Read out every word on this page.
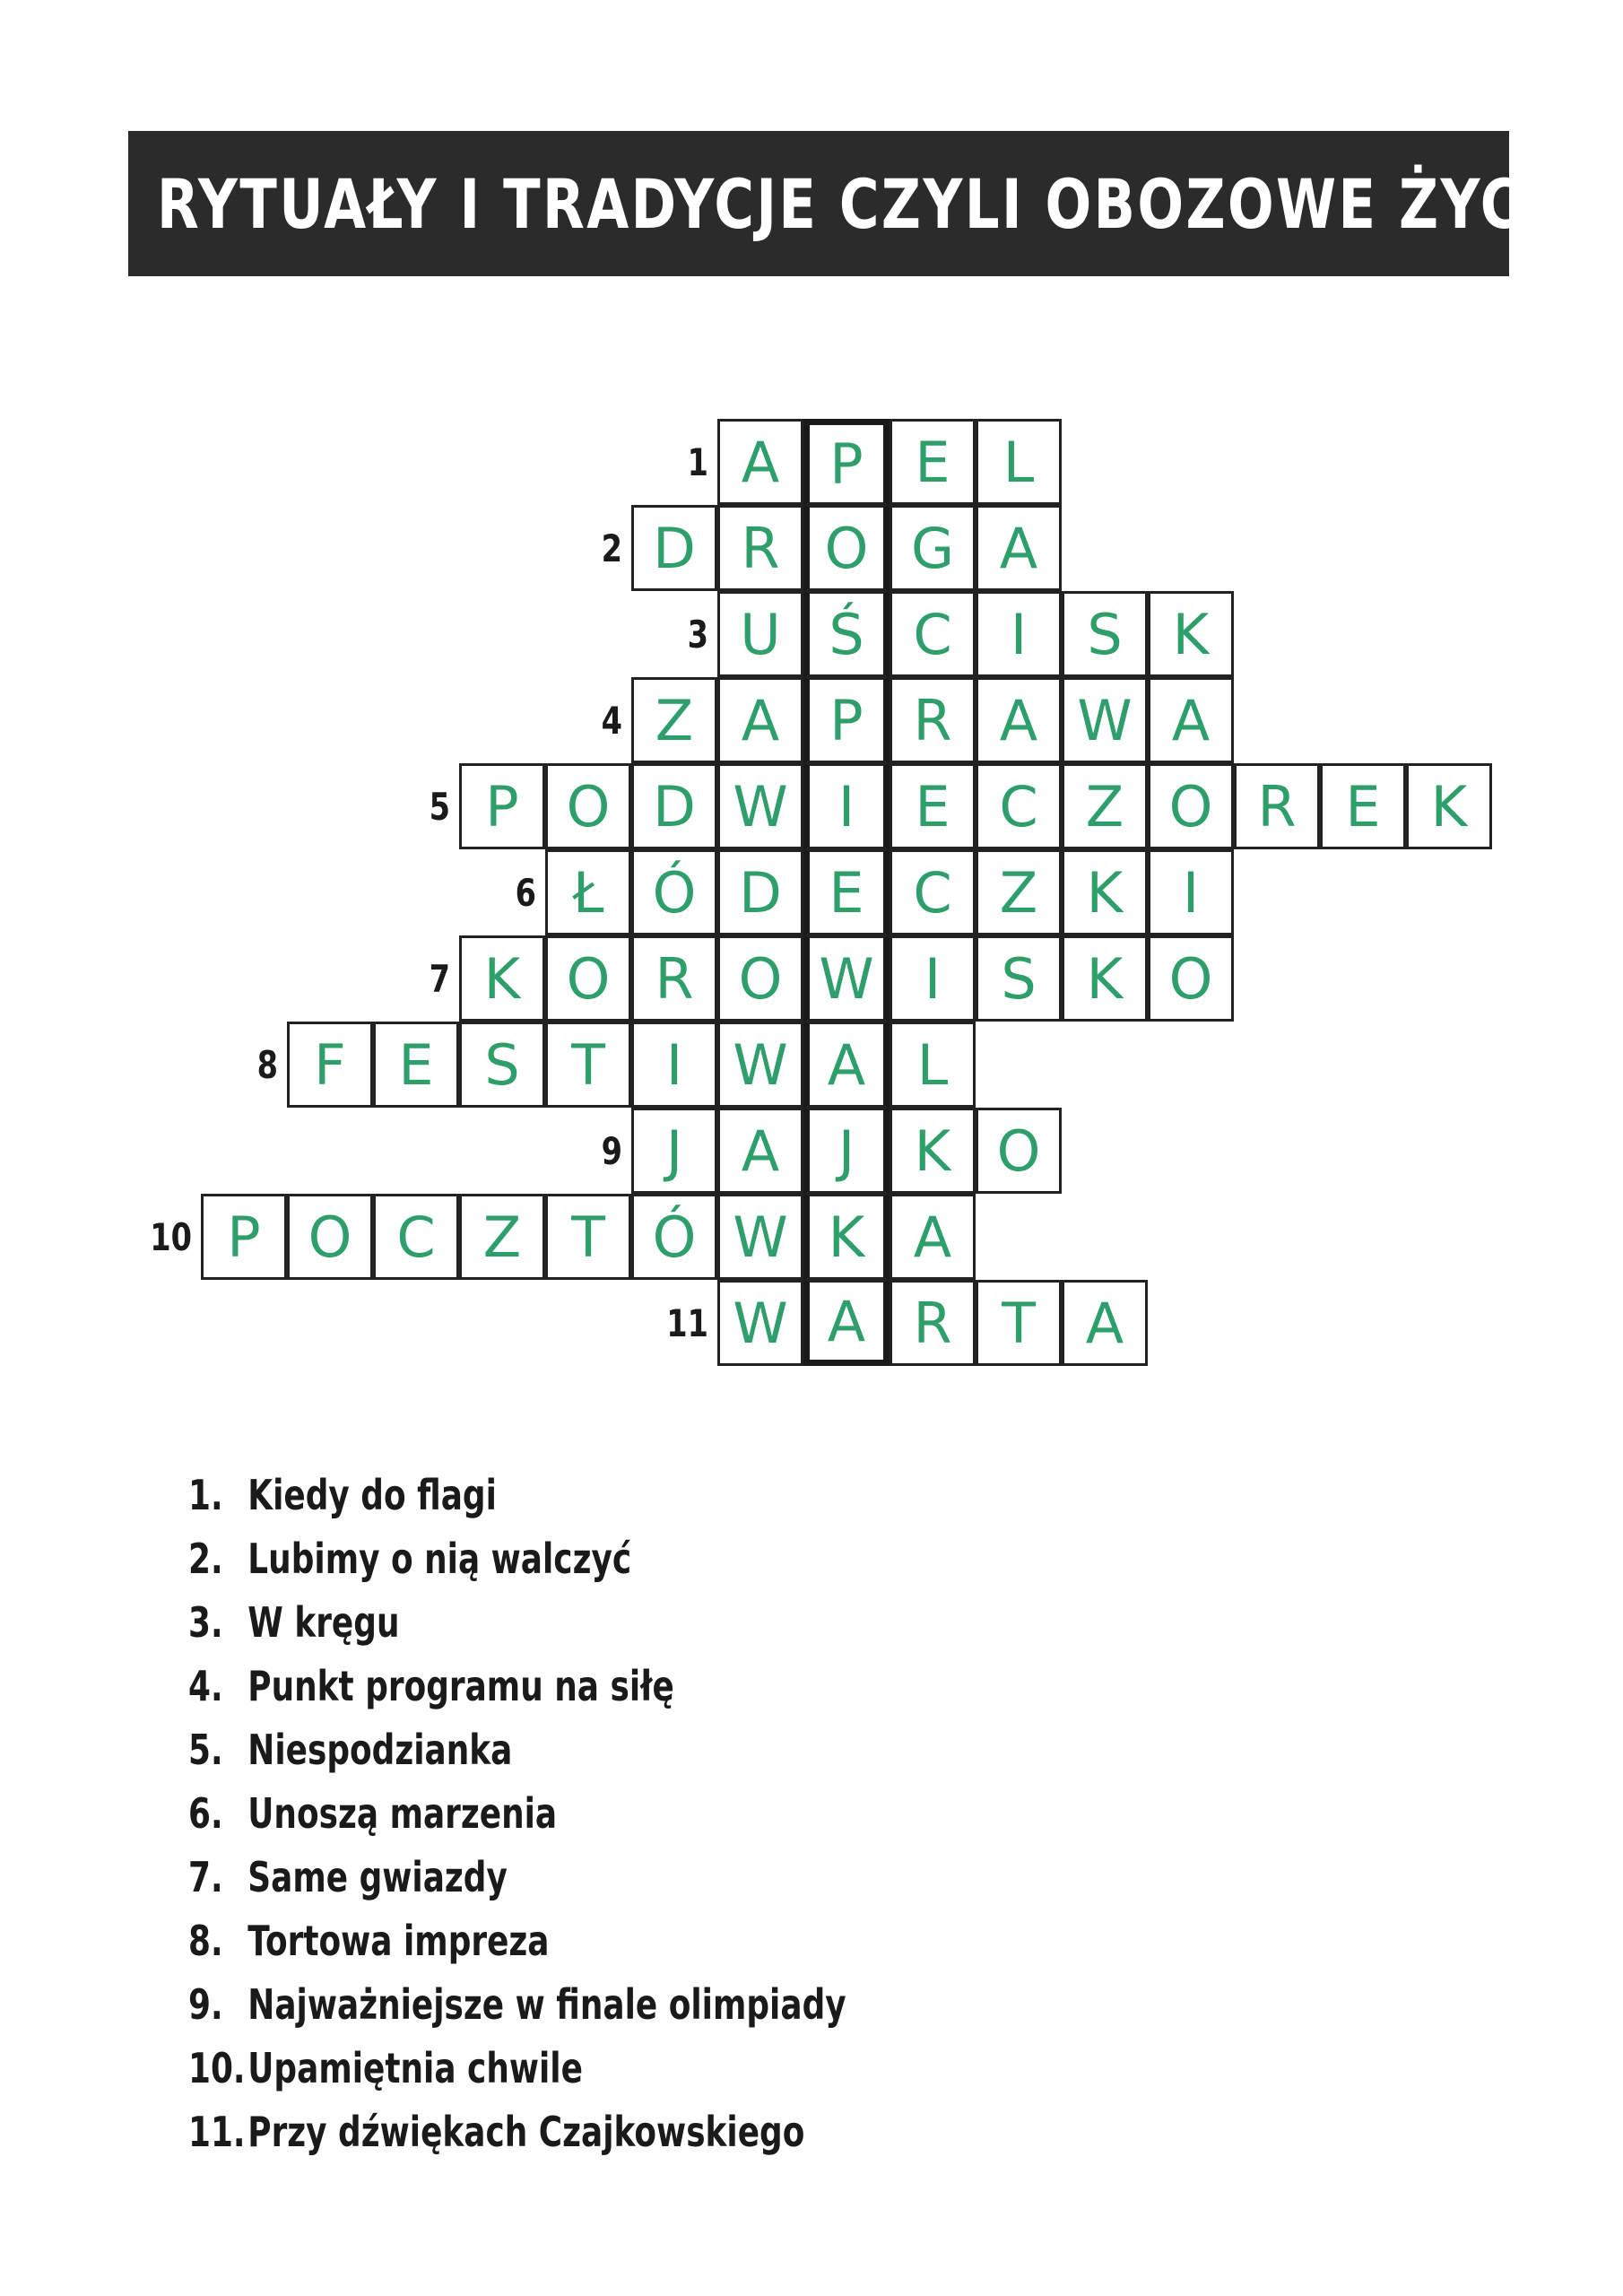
RYTUAŁY I TRADYCJE CZYLI OBOZOWE ŻYCIE
1 A P E L
2 D R O G A
3 U Ś C	I	S K
4 Z A P R A W A
5 P O D W I	E C Z O R E K
6 Ł Ó D E C Z K	I
7 K O R O W I	S K O
8 F E S T	I W A L
9 J	A	J	K O
10 P O C Z T Ó W K A
11 W A R T A
1. Kiedy do flagi
2. Lubimy o nią walczyć
3. W kręgu
4. Punkt programu na siłę
5. Niespodzianka
6. Unoszą marzenia
7. Same gwiazdy
8. Tortowa impreza
9. Najważniejsze w finale olimpiady
10.Upamiętnia chwile
11.Przy dźwiękach Czajkowskiego
